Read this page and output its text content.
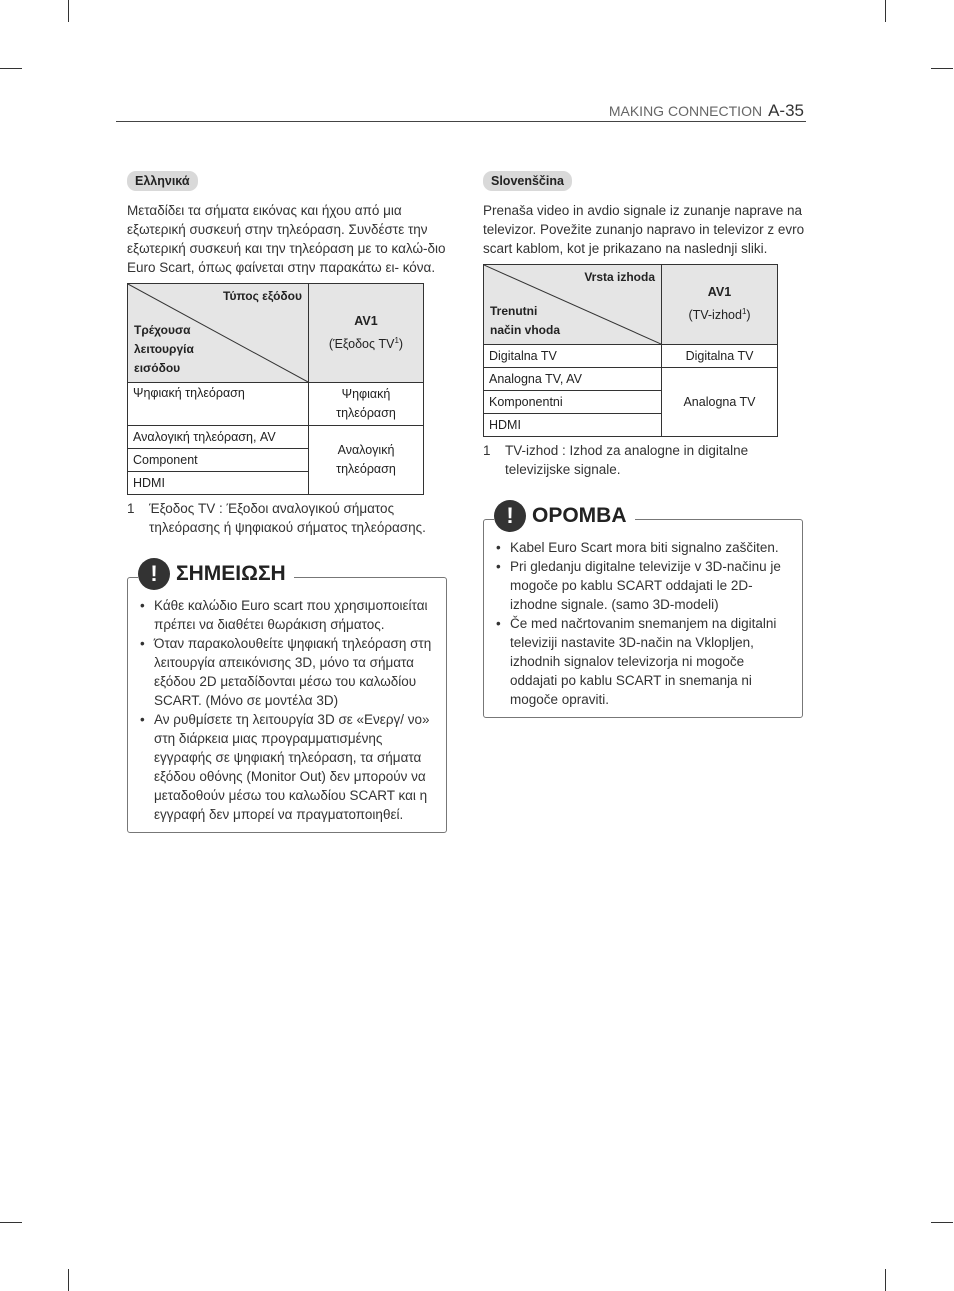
MAKING CONNECTION A-35
Ελληνικά

Μεταδίδει τα σήματα εικόνας και ήχου από μια εξωτερική συσκευή στην τηλεόραση. Συνδέστε την εξωτερική συσκευή και την τηλεόραση με το καλώ-διο Euro Scart, όπως φαίνεται στην παρακάτω ει- κόνα.

Τύπος εξόδου
Τρέχουσα
λειτουργία
εισόδου	AV1
(Έξοδος $TV^1$)
Ψηφιακή τηλεόραση	Ψηφιακή τηλεόραση
Αναλογική τηλεόραση, AV	Αναλογική τηλεόραση
Component	
HDMI	
1	Έξοδος TV : Έξοδοι αναλογικού σήματος τηλεόρασης ή ψηφιακού σήματος τηλεόρασης.
! ΣΗΜΕΙΩΣΗ
• Κάθε καλώδιο Euro scart που χρησιμοποιείται πρέπει να διαθέτει θωράκιση σήματος.
• Όταν παρακολουθείτε ψηφιακή τηλεόραση στη λειτουργία απεικόνισης 3D, μόνο τα σήματα εξόδου 2D μεταδίδονται μέσω του καλωδίου SCART. (Μόνο σε μοντέλα 3D)
• Αν ρυθμίσετε τη λειτουργία 3D σε «Ενεργ/ νο» στη διάρκεια μιας προγραμματισμένης εγγραφής σε ψηφιακή τηλεόραση, τα σήματα εξόδου οθόνης (Monitor Out) δεν μπορούν να μεταδοθούν μέσω του καλωδίου SCART και η εγγραφή δεν μπορεί να πραγματοποιηθεί.
Slovenščina

Prenaša video in avdio signale iz zunanje naprave na televizor. Povežite zunanjo napravo in televizor z evro scart kablom, kot je prikazano na naslednji sliki.

Vrsta izhoda
Trenutni
način vhoda	AV1
(TV-izhod$^1$)
Digitalna TV	Digitalna TV
Analogna TV, AV	Analogna TV
Komponentni	
HDMI	
1	TV-izhod : Izhod za analogne in digitalne televizijske signale.
! OPOMBA
• Kabel Euro Scart mora biti signalno zaščiten.
• Pri gledanju digitalne televizije v 3D-načinu je mogoče po kablu SCART oddajati le 2D-izhodne signale. (samo 3D-modeli)
• Če med načrtovanim snemanjem na digitalni televiziji nastavite 3D-način na Vklopljen, izhodnih signalov televizorja ni mogoče oddajati po kablu SCART in snemanja ni mogoče opraviti.
